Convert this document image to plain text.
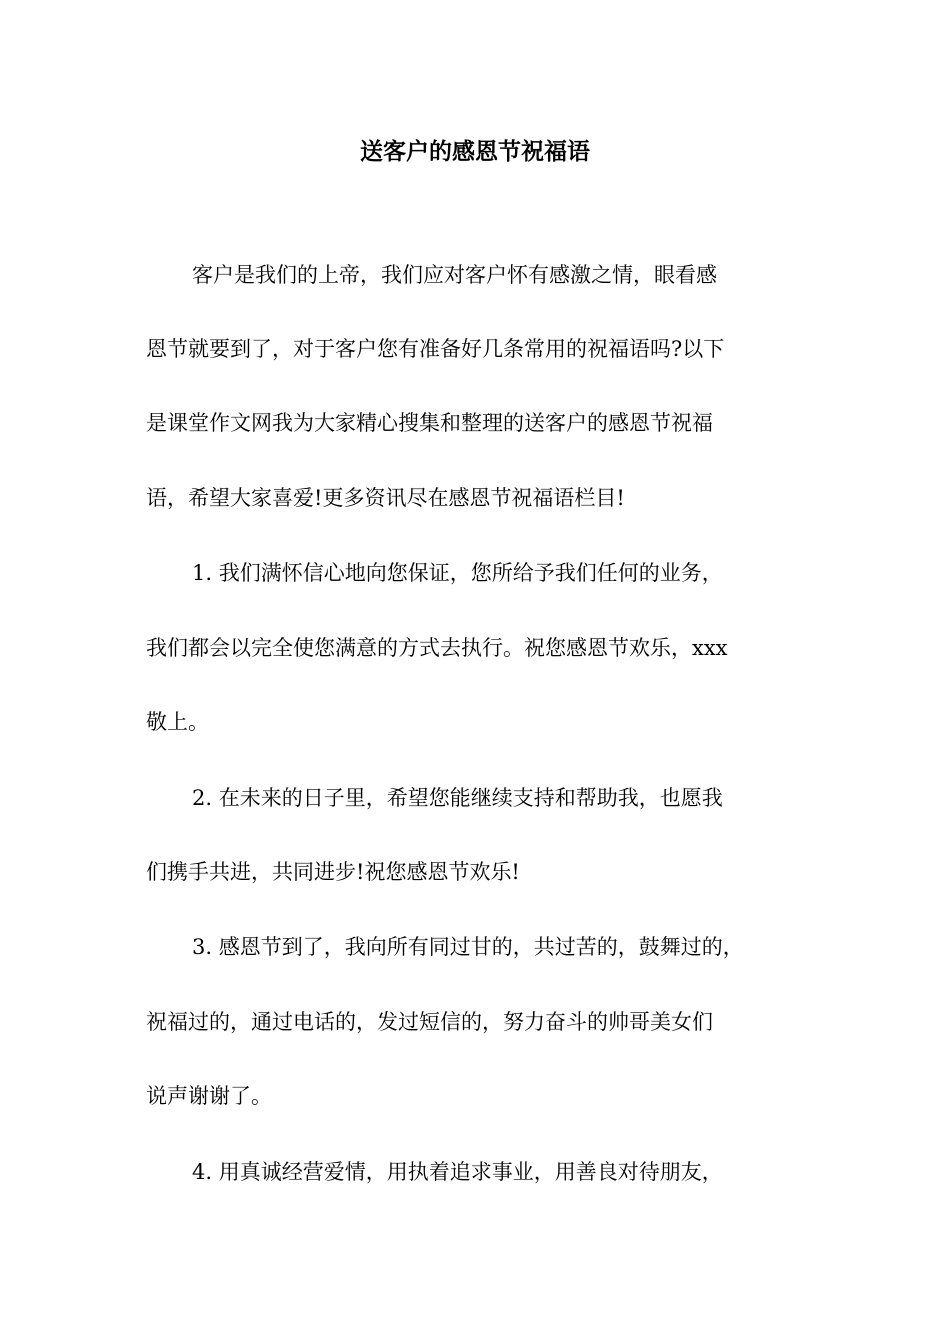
送客户的感恩节祝福语
客户是我们的上帝，我们应对客户怀有感激之情，眼看感
恩节就要到了，对于客户您有准备好几条常用的祝福语吗?以下
是课堂作文网我为大家精心搜集和整理的送客户的感恩节祝福
语，希望大家喜爱!更多资讯尽在感恩节祝福语栏目!
1. 我们满怀信心地向您保证，您所给予我们任何的业务，
我们都会以完全使您满意的方式去执行。祝您感恩节欢乐，xxx
敬上。
2. 在未来的日子里，希望您能继续支持和帮助我，也愿我
们携手共进，共同进步!祝您感恩节欢乐!
3. 感恩节到了，我向所有同过甘的，共过苦的，鼓舞过的，
祝福过的，通过电话的，发过短信的，努力奋斗的帅哥美女们
说声谢谢了。
4. 用真诚经营爱情，用执着追求事业，用善良对待朋友，
